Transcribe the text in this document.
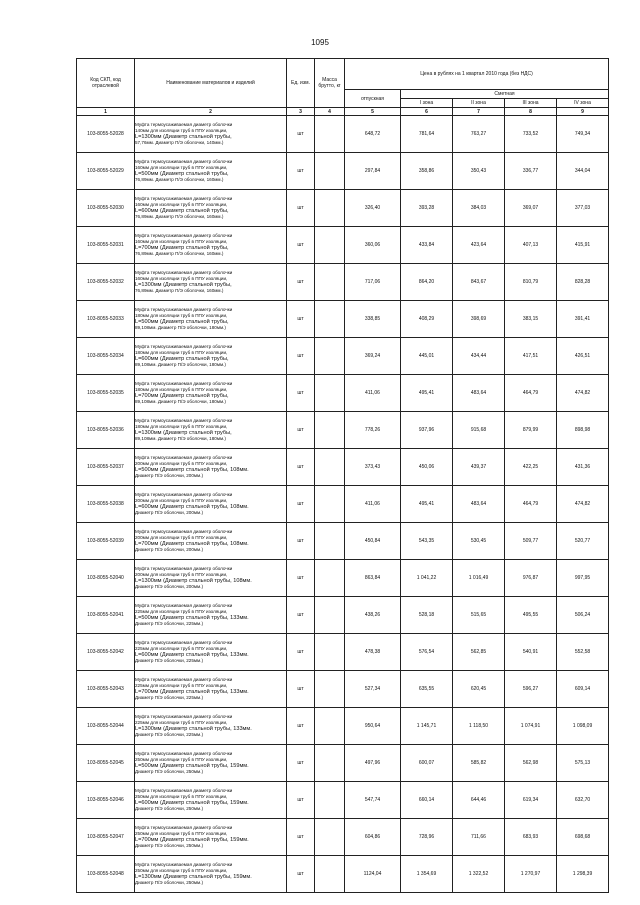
1095
Код СКП, код отраслевой	Наименование материалов и изделий	Ед. изм.	Масса брутто, кг	Цена в рублях на 1 квартал 2010 года (без НДС)				
				отпускная	Сметная			
					I зона	II зона	III зона	IV зона
1	2	3	4	5	6	7	8	9
103-8055-52028	Муфта термоусаживаемая диаметр оболочки
140мм для изоляции труб в ППУ изоляции,
L=1300мм (Диаметр стальной трубы,
57,76мм. Диаметр П/Э оболочки, 140мм.)	шт		648,72	781,64	763,27	733,52	749,34
103-8055-52029	Муфта термоусаживаемая диаметр оболочки
160мм для изоляции труб в ППУ изоляции,
L=500мм (Диаметр стальной трубы,
76,89мм. Диаметр П/Э оболочки, 160мм.)	шт		297,84	358,86	350,43	336,77	344,04
103-8055-52030	Муфта термоусаживаемая диаметр оболочки
160мм для изоляции труб в ППУ изоляции,
L=600мм (Диаметр стальной трубы,
76,89мм. Диаметр П/Э оболочки, 160мм.)	шт		326,40	393,28	384,03	369,07	377,03
103-8055-52031	Муфта термоусаживаемая диаметр оболочки
160мм для изоляции труб в ППУ изоляции,
L=700мм (Диаметр стальной трубы,
76,89мм. Диаметр П/Э оболочки, 160мм.)	шт		360,06	433,84	423,64	407,13	415,91
103-8055-52032	Муфта термоусаживаемая диаметр оболочки
160мм для изоляции труб в ППУ изоляции,
L=1300мм (Диаметр стальной трубы,
76,89мм. Диаметр П/Э оболочки, 160мм.)	шт		717,06	864,20	843,67	810,79	828,28
103-8055-52033	Муфта термоусаживаемая диаметр оболочки
180мм для изоляции труб в ППУ изоляции,
L=500мм (Диаметр стальной трубы,
89,108мм. Диаметр П/Э оболочки, 180мм.)	шт		338,85	408,29	398,69	383,15	391,41
103-8055-52034	Муфта термоусаживаемая диаметр оболочки
180мм для изоляции труб в ППУ изоляции,
L=600мм (Диаметр стальной трубы,
89,108мм. Диаметр П/Э оболочки, 180мм.)	шт		369,24	445,01	434,44	417,51	426,51
103-8055-52035	Муфта термоусаживаемая диаметр оболочки
180мм для изоляции труб в ППУ изоляции,
L=700мм (Диаметр стальной трубы,
89,108мм. Диаметр П/Э оболочки, 180мм.)	шт		411,06	495,41	483,64	464,79	474,82
103-8055-52036	Муфта термоусаживаемая диаметр оболочки
180мм для изоляции труб в ППУ изоляции,
L=1300мм (Диаметр стальной трубы,
89,108мм. Диаметр П/Э оболочки, 180мм.)	шт		778,26	937,96	915,68	879,99	898,98
103-8055-52037	Муфта термоусаживаемая диаметр оболочки
200мм для изоляции труб в ППУ изоляции,
L=500мм (Диаметр стальной трубы, 108мм.
Диаметр П/Э оболочки, 200мм.)	шт		373,43	450,06	439,37	422,25	431,36
103-8055-52038	Муфта термоусаживаемая диаметр оболочки
200мм для изоляции труб в ППУ изоляции,
L=600мм (Диаметр стальной трубы, 108мм.
Диаметр П/Э оболочки, 200мм.)	шт		411,06	495,41	483,64	464,79	474,82
103-8055-52039	Муфта термоусаживаемая диаметр оболочки
200мм для изоляции труб в ППУ изоляции,
L=700мм (Диаметр стальной трубы, 108мм.
Диаметр П/Э оболочки, 200мм.)	шт		450,84	543,35	530,45	509,77	520,77
103-8055-52040	Муфта термоусаживаемая диаметр оболочки
200мм для изоляции труб в ППУ изоляции,
L=1300мм (Диаметр стальной трубы, 108мм.
Диаметр П/Э оболочки, 200мм.)	шт		863,84	1 041,22	1 016,49	976,87	997,95
103-8055-52041	Муфта термоусаживаемая диаметр оболочки
225мм для изоляции труб в ППУ изоляции,
L=500мм (Диаметр стальной трубы, 133мм.
Диаметр П/Э оболочки, 225мм.)	шт		438,26	528,18	515,65	495,55	506,24
103-8055-52042	Муфта термоусаживаемая диаметр оболочки
225мм для изоляции труб в ППУ изоляции,
L=600мм (Диаметр стальной трубы, 133мм.
Диаметр П/Э оболочки, 225мм.)	шт		478,38	576,54	562,85	540,91	552,58
103-8055-52043	Муфта термоусаживаемая диаметр оболочки
225мм для изоляции труб в ППУ изоляции,
L=700мм (Диаметр стальной трубы, 133мм.
Диаметр П/Э оболочки, 225мм.)	шт		527,34	635,55	620,45	596,27	609,14
103-8055-52044	Муфта термоусаживаемая диаметр оболочки
225мм для изоляции труб в ППУ изоляции,
L=1300мм (Диаметр стальной трубы, 133мм.
Диаметр П/Э оболочки, 225мм.)	шт		950,64	1 145,71	1 118,50	1 074,91	1 098,09
103-8055-52045	Муфта термоусаживаемая диаметр оболочки
250мм для изоляции труб в ППУ изоляции,
L=500мм (Диаметр стальной трубы, 159мм.
Диаметр П/Э оболочки, 250мм.)	шт		497,96	600,07	585,82	562,98	575,13
103-8055-52046	Муфта термоусаживаемая диаметр оболочки
250мм для изоляции труб в ППУ изоляции,
L=600мм (Диаметр стальной трубы, 159мм.
Диаметр П/Э оболочки, 250мм.)	шт		547,74	660,14	644,46	619,34	632,70
103-8055-52047	Муфта термоусаживаемая диаметр оболочки
250мм для изоляции труб в ППУ изоляции,
L=700мм (Диаметр стальной трубы, 159мм.
Диаметр П/Э оболочки, 250мм.)	шт		604,86	728,96	711,66	683,93	698,68
103-8055-52048	Муфта термоусаживаемая диаметр оболочки
250мм для изоляции труб в ППУ изоляции,
L=1300мм (Диаметр стальной трубы, 159мм.
Диаметр П/Э оболочки, 250мм.)	шт		1124,04	1 354,69	1 322,52	1 270,97	1 298,39
